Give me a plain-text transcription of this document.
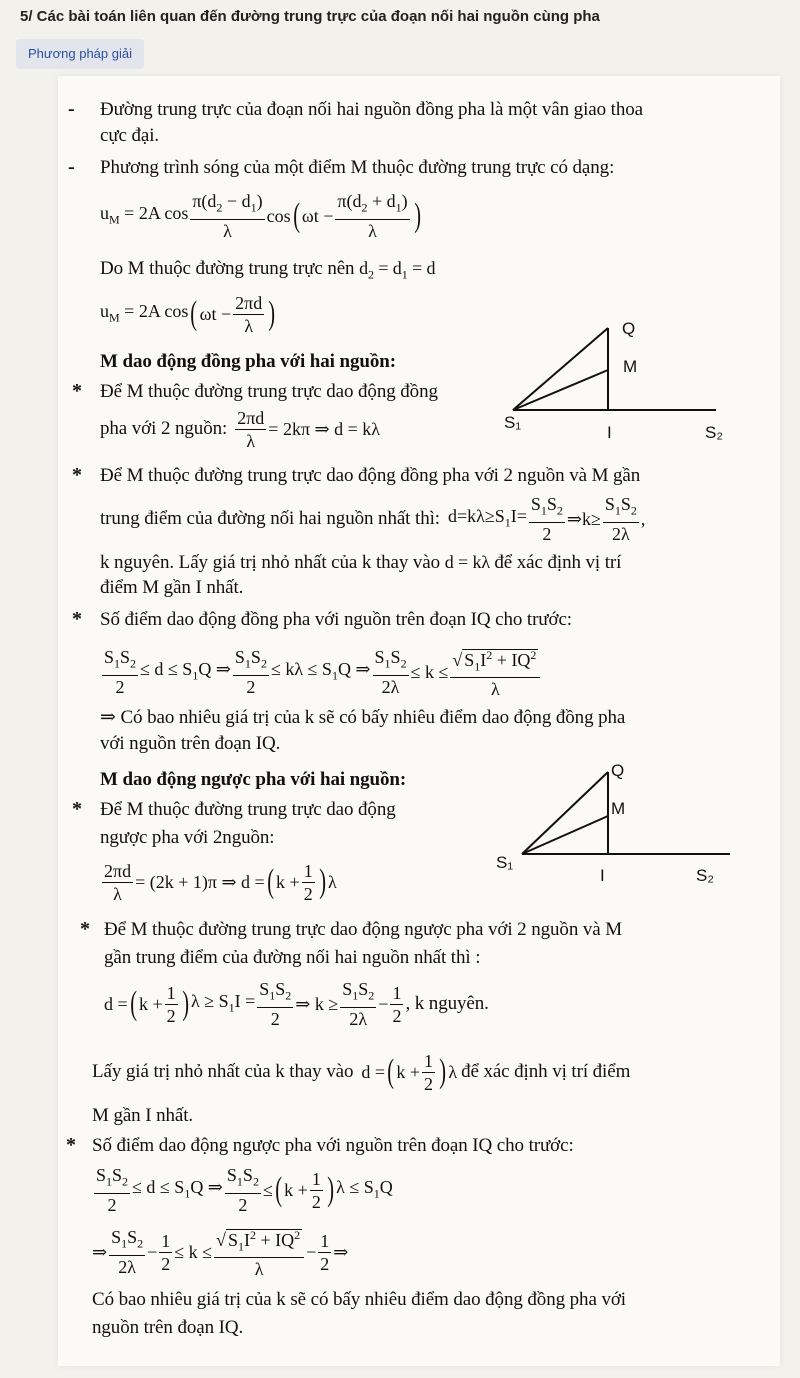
5/ Các bài toán liên quan đến đường trung trực của đoạn nối hai nguồn cùng pha
Phương pháp giải
- Đường trung trực của đoạn nối hai nguồn đồng pha là một vân giao thoa
cực đại.
- Phương trình sóng của một điểm M thuộc đường trung trực có dạng:
$u_M = 2A$ cos
$\pi(d_2 - d_1)$
λ
cos ( $\omega t - \frac{\pi(d_2 + d_1)}{\lambda}$ )
Do M thuộc đường trung trực nên $d_2 = d_1 = d$
$u_M = 2A$ cos ( $\omega t - \frac{2\pi d}{\lambda}$ )
M dao động đồng pha với hai nguồn:
* Để M thuộc đường trung trực dao động đồng
pha với 2 nguồn: $\frac{2\pi d}{\lambda} = 2k\pi$ ⇒ d = kλ
Q
M
S₁
I	S₂
* Để M thuộc đường trung trực dao động đồng pha với 2 nguồn và M gần
trung điểm của đường nối hai nguồn nhất thì: $d=k\lambda\ge S_1I= \frac{S_1S_2}{2}$ ⇒k≥ $\frac{S_1S_2}{2\lambda}$ ,
k nguyên. Lấy giá trị nhỏ nhất của k thay vào d = kλ để xác định vị trí
điểm M gần I nhất.
* Số điểm dao động đồng pha với nguồn trên đoạn IQ cho trước:
$\frac{S_1S_2}{2} \le d \le S_1Q$ ⇒ $\frac{S_1S_2}{2} \le k\lambda \le S_1Q$ ⇒ $\frac{S_1S_2}{2\lambda} \le k \le \frac{√ S_1I^2 + IQ^2}{\lambda}$
⇒ Có bao nhiêu giá trị của k sẽ có bấy nhiêu điểm dao động đồng pha
với nguồn trên đoạn IQ.
M dao động ngược pha với hai nguồn:
* Để M thuộc đường trung trực dao động
ngược pha với 2nguồn:
$\frac{2\pi d}{\lambda} = (2k + 1)\pi$ ⇒ d = ( $k + \frac{1}{2}$ ) λ
Q
M
S₁
I	S₂
* Để M thuộc đường trung trực dao động ngược pha với 2 nguồn và M
gần trung điểm của đường nối hai nguồn nhất thì :
d = ( $k + \frac{1}{2}$ ) $\lambda \ge S_1I = \frac{S_1S_2}{2}$ ⇒ $k \ge \frac{S_1S_2}{2\lambda} - \frac{1}{2}$ , k nguyên.
Lấy giá trị nhỏ nhất của k thay vào d = ( $k + \frac{1}{2}$ ) λ để xác định vị trí điểm
M gần I nhất.
* Số điểm dao động ngược pha với nguồn trên đoạn IQ cho trước:
$\frac{S_1S_2}{2} \le d \le S_1Q$ ⇒ $\frac{S_1S_2}{2}$ ≤ ( $k + \frac{1}{2}$ ) $\lambda \le S_1Q$
⇒
$S_1S_2$
2λ
− $\frac{1}{2} \le k \le \frac{√ S_1I^2 + IQ^2}{\lambda} - \frac{1}{2}$ ⇒
Có bao nhiêu giá trị của k sẽ có bấy nhiêu điểm dao động đồng pha với
nguồn trên đoạn IQ.
